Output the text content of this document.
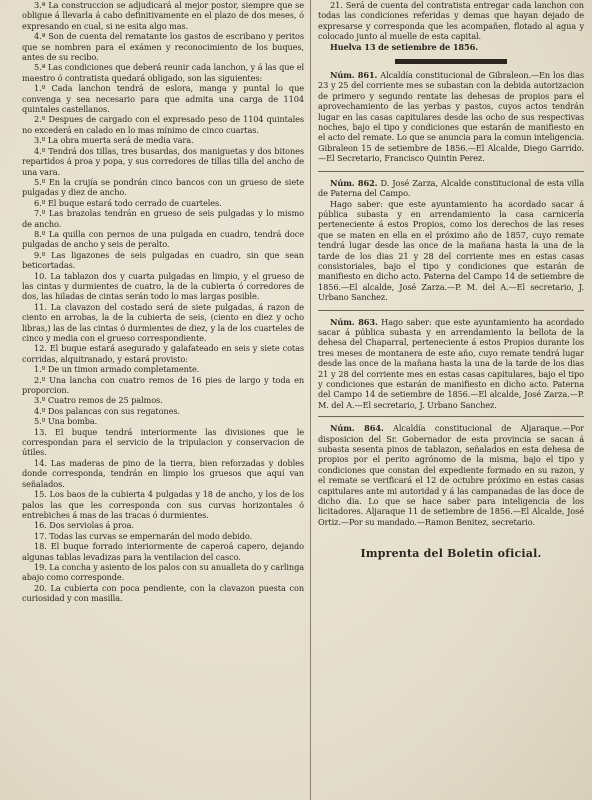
3.ª La construccion se adjudicará al mejor postor, siempre que se obligue á llevarla á cabo definitivamente en el plazo de dos meses, ó expresando en cual, si ne esita algo mas.

4.ª Son de cuenta del rematante los gastos de escribano y peritos que se nombren para el exámen y reconocimiento de los buques, antes de su recibo.

5.ª Las condiciones que deberá reunir cada lanchon, y á las que el maestro ó contratista quedará obligado, son las siguientes:

1.º Cada lanchon tendrá de eslora, manga y puntal lo que convenga y sea necesario para que admita una carga de 1104 quintales castellanos.

2.º Despues de cargado con el expresado peso de 1104 quintales no excederá en calado en lo mas mínimo de cinco cuartas.

3.º La obra muerta será de media vara.

4.º Tendrá dos tillas, tres busardas, dos maniguetas y dos bitones repartidos á proa y popa, y sus corredores de tillas tilla del ancho de una vara.

5.º En la crujía se pondrán cinco bancos con un grueso de siete pulgadas y diez de ancho.

6.º El buque estará todo cerrado de cuarteles.

7.º Las brazolas tendrán en grueso de seis pulgadas y lo mismo de ancho.

8.º La quilla con pernos de una pulgada en cuadro, tendrá doce pulgadas de ancho y seis de peralto.

9.º Las ligazones de seis pulgadas en cuadro, sin que sean beticortadas.

10. La tablazon dos y cuarta pulgadas en limpio, y el grueso de las cintas y durmientes de cuatro, la de la cubierta ó corredores de dos, las hiladas de cintas serán todo lo mas largas posible.

11. La clavazon del costado será de siete pulgadas, á razon de ciento en arrobas, la de la cubierta de seis, (ciento en diez y ocho libras,) las de las cintas ó durmientes de diez, y la de los cuarteles de cinco y media con el grueso correspondiente.

12. El buque estará asegurado y galafateado en seis y siete cotas corridas, alquitranado, y estará provisto:

1.º De un timon armado completamente.

2.º Una lancha con cuatro remos de 16 pies de largo y toda en proporcion.

3.º Cuatro remos de 25 palmos.

4.º Dos palancas con sus regatones.

5.º Una bomba.

13. El buque tendrá interiormente las divisiones que le correspondan para el servicio de la tripulacion y conservacion de útiles.

14. Las maderas de pino de la tierra, bien reforzadas y dobles donde corresponda, tendrán en limpio los gruesos que aquí van señalados.

15. Los baos de la cubierta 4 pulgadas y 18 de ancho, y los de los palos las que les corresponda con sus curvas horizontales ó entrebiches á mas de las tracas ó durmientes.

16. Dos serviolas á proa.

17. Todas las curvas se empernarán del modo debido.

18. El buque forrado interiormente de caperoá capero, dejando algunas tablas levadizas para la ventilacion del casco.

19. La concha y asiento de los palos con su anualleta do y carlinga abajo como corresponde.

20. La cubierta con poca pendiente, con la clavazon puesta con curiosidad y con masilla.

21. Será de cuenta del contratista entregar cada lanchon con todas las condiciones referidas y demas que hayan dejado de expresarse y corresponda que les acompañen, flotado al agua y colocado junto al muelle de esta capital.

Huelva 13 de setiembre de 1856.

Núm. 861. Alcaldía constitucional de Gibraleon.—En los dias 23 y 25 del corriente mes se subastan con la debida autorizacion de primero y segundo rentate las dehesas de propios para el aprovechamiento de las yerbas y pastos, cuyos actos tendrán lugar en las casas capitulares desde las ocho de sus respectivas noches, bajo el tipo y condiciones que estarán de manifiesto en el acto del remate. Lo que se anuncia para la comun inteligencia. Gibraleon 15 de setiembre de 1856.—El Alcalde, Diego Garrido.—El Secretario, Francisco Quintin Perez.

Núm. 862. D. José Zarza, Alcalde constitucional de esta villa de Paterna del Campo.

Hago saber: que este ayuntamiento ha acordado sacar á pública subasta y en arrendamiento la casa carnicería perteneciente á estos Propios, como los derechos de las reses que se maten en ella en el próximo año de 1857, cuyo remate tendrá lugar desde las once de la mañana hasta la una de la tarde de los dias 21 y 28 del corriente mes en estas casas consistoriales, bajo el tipo y condiciones que estarán de manifiesto en dicho acto. Paterna del Campo 14 de setiembre de 1856.—El alcalde, José Zarza.—P. M. del A.—El secretario, J. Urbano Sanchez.

Núm. 863. Hago saber: que este ayuntamiento ha acordado sacar á pública subasta y en arrendamiento la bellota de la dehesa del Chaparral, perteneciente á estos Propios durante los tres meses de montanera de este año, cuyo remate tendrá lugar desde las once de la mañana hasta la una de la tarde de los dias 21 y 28 del corriente mes en estas casas capitulares, bajo el tipo y condiciones que estarán de manifiesto en dicho acto. Paterna del Campo 14 de setiembre de 1856.—El alcalde, José Zarza.—P. M. del A.—El secretario, J. Urbano Sanchez.

Núm. 864. Alcaldía constitucional de Aljaraque.—Por disposicion del Sr. Gobernador de esta provincia se sacan á subasta sesenta pinos de tablazon, señalados en esta dehesa de propios por el perito agrónomo de la misma, bajo el tipo y condiciones que constan del expediente formado en su razon, y el remate se verificará el 12 de octubre próximo en estas casas capitulares ante mi autoridad y á las campanadas de las doce de dicho dia. Lo que se hace saber para inteligencia de los licitadores. Aljaraque 11 de setiembre de 1856.—El Alcalde, José Ortiz.—Por su mandado.—Ramon Benitez, secretario.

Imprenta del Boletin oficial.
